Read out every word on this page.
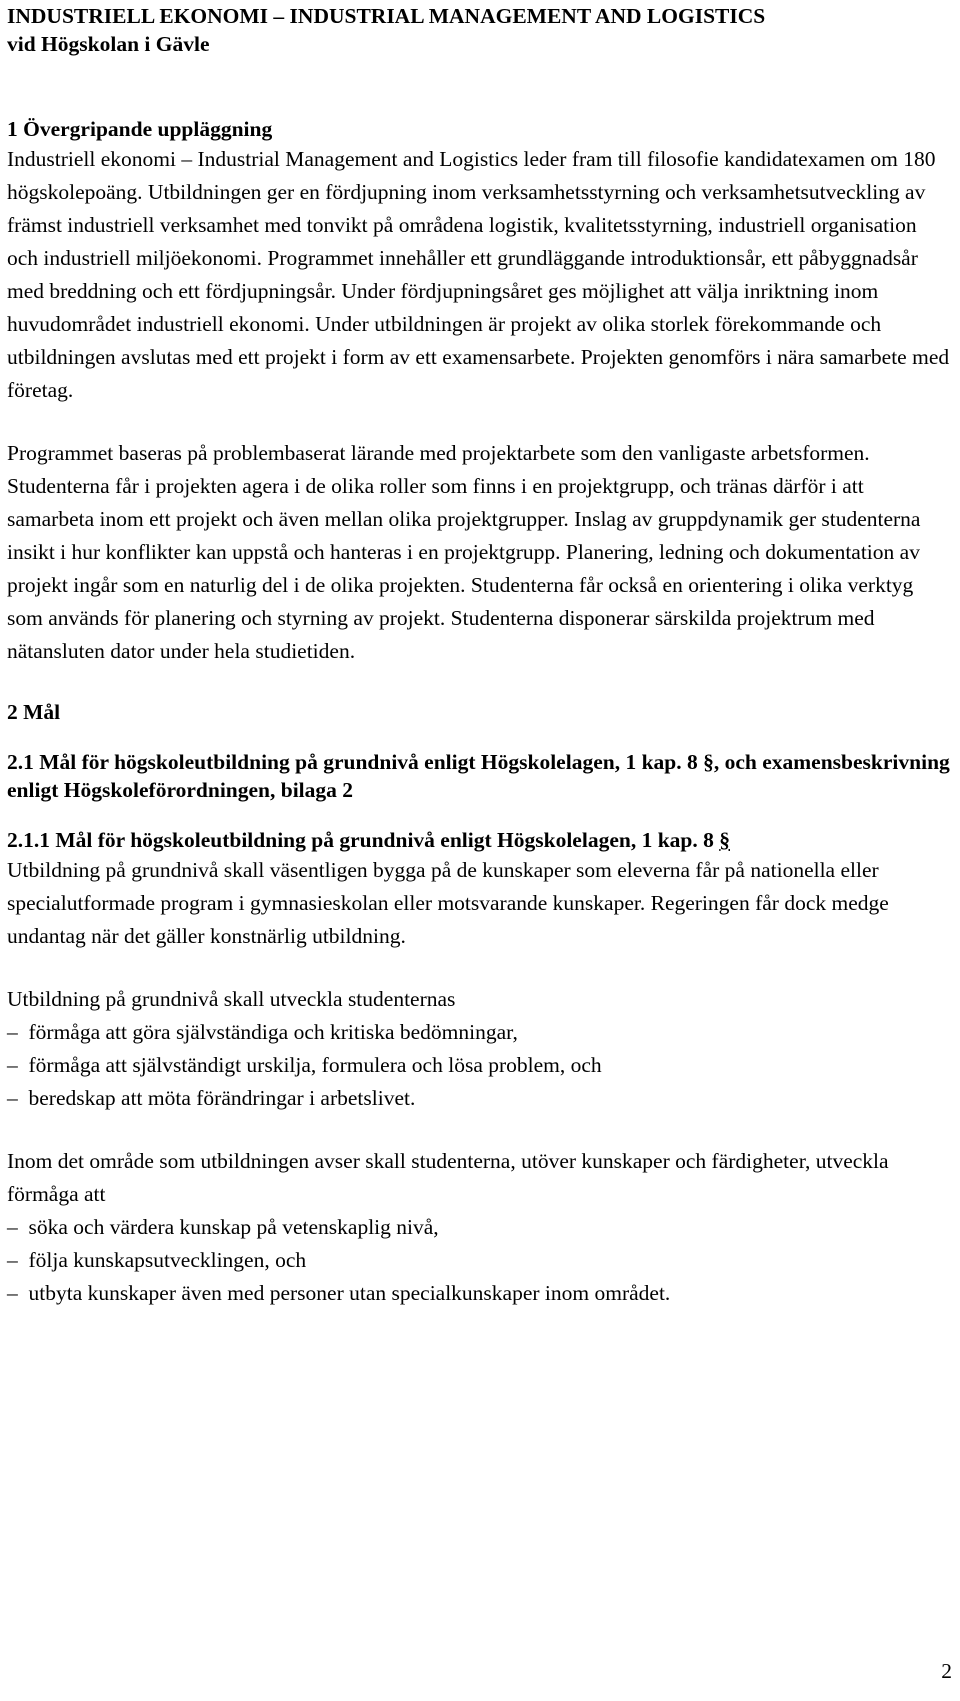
INDUSTRIELL EKONOMI – INDUSTRIAL MANAGEMENT AND LOGISTICS
vid Högskolan i Gävle
1 Övergripande uppläggning

Industriell ekonomi – Industrial Management and Logistics leder fram till filosofie kandidatexamen om 180 högskolepoäng. Utbildningen ger en fördjupning inom verksamhetsstyrning och verksamhetsutveckling av främst industriell verksamhet med tonvikt på områdena logistik, kvalitetsstyrning, industriell organisation och industriell miljöekonomi. Programmet innehåller ett grundläggande introduktionsår, ett påbyggnadsår med breddning och ett fördjupningsår. Under fördjupningsåret ges möjlighet att välja inriktning inom huvudområdet industriell ekonomi. Under utbildningen är projekt av olika storlek förekommande och utbildningen avslutas med ett projekt i form av ett examensarbete. Projekten genomförs i nära samarbete med företag.

Programmet baseras på problembaserat lärande med projektarbete som den vanligaste arbetsformen. Studenterna får i projekten agera i de olika roller som finns i en projektgrupp, och tränas därför i att samarbeta inom ett projekt och även mellan olika projektgrupper. Inslag av gruppdynamik ger studenterna insikt i hur konflikter kan uppstå och hanteras i en projektgrupp. Planering, ledning och dokumentation av projekt ingår som en naturlig del i de olika projekten. Studenterna får också en orientering i olika verktyg som används för planering och styrning av projekt. Studenterna disponerar särskilda projektrum med nätansluten dator under hela studietiden.

2 Mål
2.1 Mål för högskoleutbildning på grundnivå enligt Högskolelagen, 1 kap. 8 §, och examensbeskrivning enligt Högskoleförordningen, bilaga 2
2.1.1 Mål för högskoleutbildning på grundnivå enligt Högskolelagen, 1 kap. 8 §

Utbildning på grundnivå skall väsentligen bygga på de kunskaper som eleverna får på nationella eller specialutformade program i gymnasieskolan eller motsvarande kunskaper. Regeringen får dock medge undantag när det gäller konstnärlig utbildning.

Utbildning på grundnivå skall utveckla studenternas

–  förmåga att göra självständiga och kritiska bedömningar,
–  förmåga att självständigt urskilja, formulera och lösa problem, och
–  beredskap att möta förändringar i arbetslivet.

Inom det område som utbildningen avser skall studenterna, utöver kunskaper och färdigheter, utveckla förmåga att

–  söka och värdera kunskap på vetenskaplig nivå,
–  följa kunskapsutvecklingen, och
–  utbyta kunskaper även med personer utan specialkunskaper inom området.
2
